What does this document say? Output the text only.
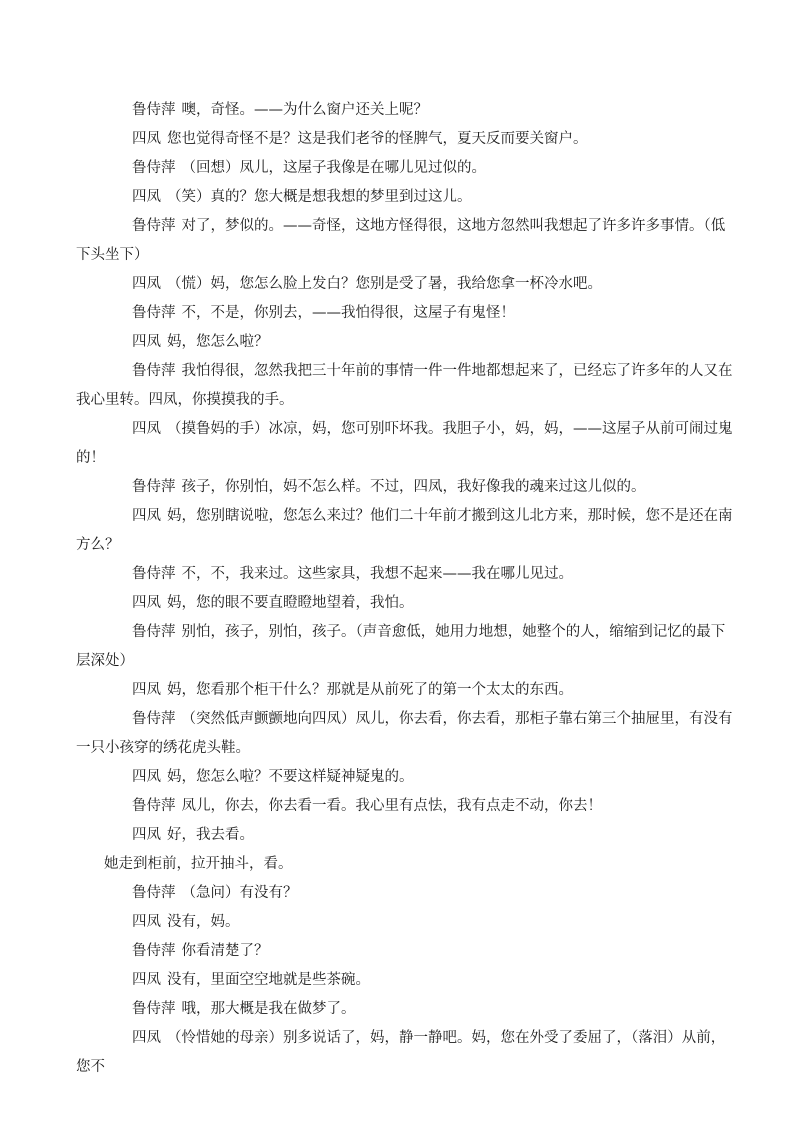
鲁侍萍 噢，奇怪。——为什么窗户还关上呢？

四凤 您也觉得奇怪不是？这是我们老爷的怪脾气，夏天反而要关窗户。

鲁侍萍 （回想）凤儿，这屋子我像是在哪儿见过似的。

四凤 （笑）真的？您大概是想我想的梦里到过这儿。

鲁侍萍 对了，梦似的。——奇怪，这地方怪得很，这地方忽然叫我想起了许多许多事情。（低下头坐下）

四凤 （慌）妈，您怎么脸上发白？您别是受了暑，我给您拿一杯冷水吧。

鲁侍萍 不，不是，你别去，——我怕得很，这屋子有鬼怪！

四凤 妈，您怎么啦？

鲁侍萍 我怕得很，忽然我把三十年前的事情一件一件地都想起来了，已经忘了许多年的人又在我心里转。四凤，你摸摸我的手。

四凤 （摸鲁妈的手）冰凉，妈，您可别吓坏我。我胆子小，妈，妈，——这屋子从前可闹过鬼的！

鲁侍萍 孩子，你别怕，妈不怎么样。不过，四凤，我好像我的魂来过这儿似的。

四凤 妈，您别瞎说啦，您怎么来过？他们二十年前才搬到这儿北方来，那时候，您不是还在南方么？

鲁侍萍 不，不，我来过。这些家具，我想不起来——我在哪儿见过。

四凤 妈，您的眼不要直瞪瞪地望着，我怕。

鲁侍萍 别怕，孩子，别怕，孩子。（声音愈低，她用力地想，她整个的人，缩缩到记忆的最下层深处）

四凤 妈，您看那个柜干什么？那就是从前死了的第一个太太的东西。

鲁侍萍 （突然低声颤颤地向四凤）凤儿，你去看，你去看，那柜子靠右第三个抽屉里，有没有一只小孩穿的绣花虎头鞋。

四凤 妈，您怎么啦？不要这样疑神疑鬼的。

鲁侍萍 凤儿，你去，你去看一看。我心里有点怯，我有点走不动，你去！

四凤 好，我去看。

她走到柜前，拉开抽斗，看。

鲁侍萍 （急问）有没有？

四凤 没有，妈。

鲁侍萍 你看清楚了？

四凤 没有，里面空空地就是些茶碗。

鲁侍萍 哦，那大概是我在做梦了。

四凤 （怜惜她的母亲）别多说话了，妈，静一静吧。妈，您在外受了委屈了，（落泪）从前，您不
